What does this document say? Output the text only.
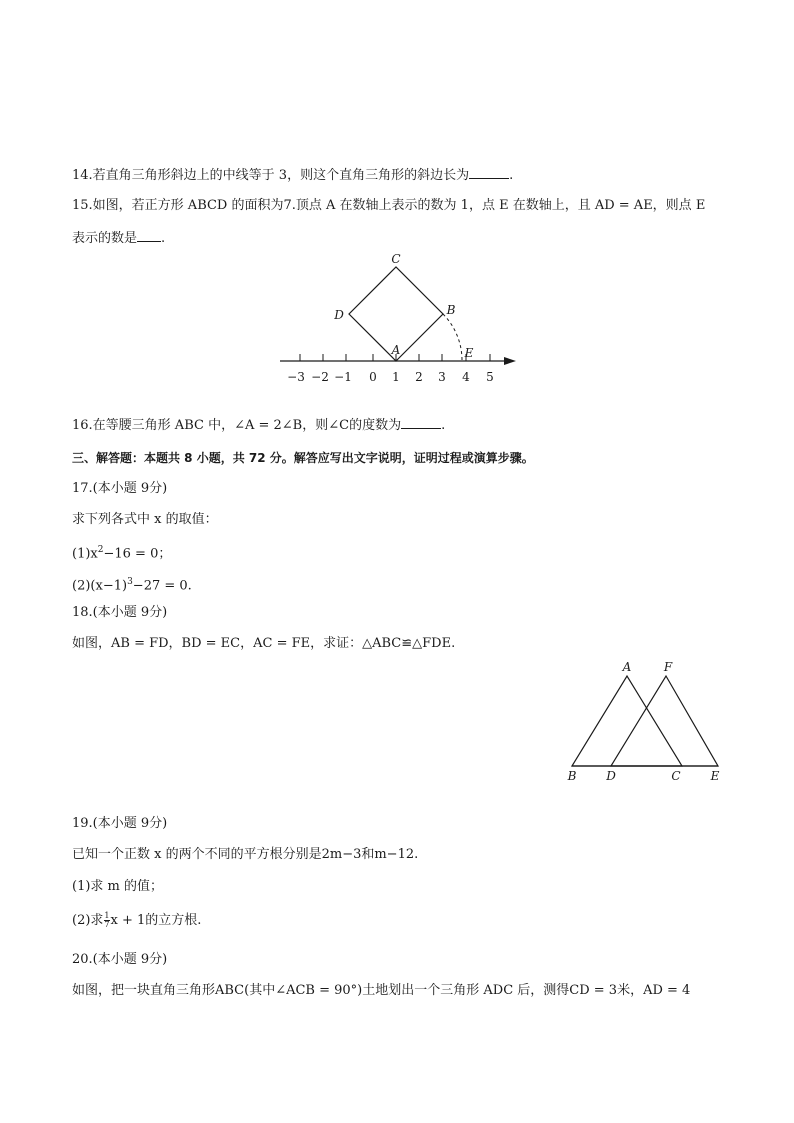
14.若直角三角形斜边上的中线等于 3，则这个直角三角形的斜边长为	.
15.如图，若正方形 ABCD 的面积为7.顶点 A 在数轴上表示的数为 1，点 E 在数轴上，且 AD = AE，则点 E
表示的数是 .
−3 −2 −1 0 1 2 3 4 5
C
D	B
A	E
16.在等腰三角形 ABC 中，∠A = 2∠B，则∠C的度数为	.
三、解答题：本题共 8 小题，共 72 分。解答应写出文字说明，证明过程或演算步骤。
17.(本小题 9分)
求下列各式中 x 的取值：
$(1)x^2-16 = 0$；
$(2)(x-1)^3-27 = 0$.
18.(本小题 9分)
如图，AB = FD，BD = EC，AC = FE，求证：△ABC≌△FDE.
A	F
B D	C	E
19.(本小题 9分)
已知一个正数 x 的两个不同的平方根分别是2m−3和m−12.
(1)求 m 的值；
(2)求 $\frac{1}{7}$ x + 1的立方根.
20.(本小题 9分)
如图，把一块直角三角形ABC(其中∠ACB = 90°)土地划出一个三角形 ADC 后，测得CD = 3米，AD = 4
